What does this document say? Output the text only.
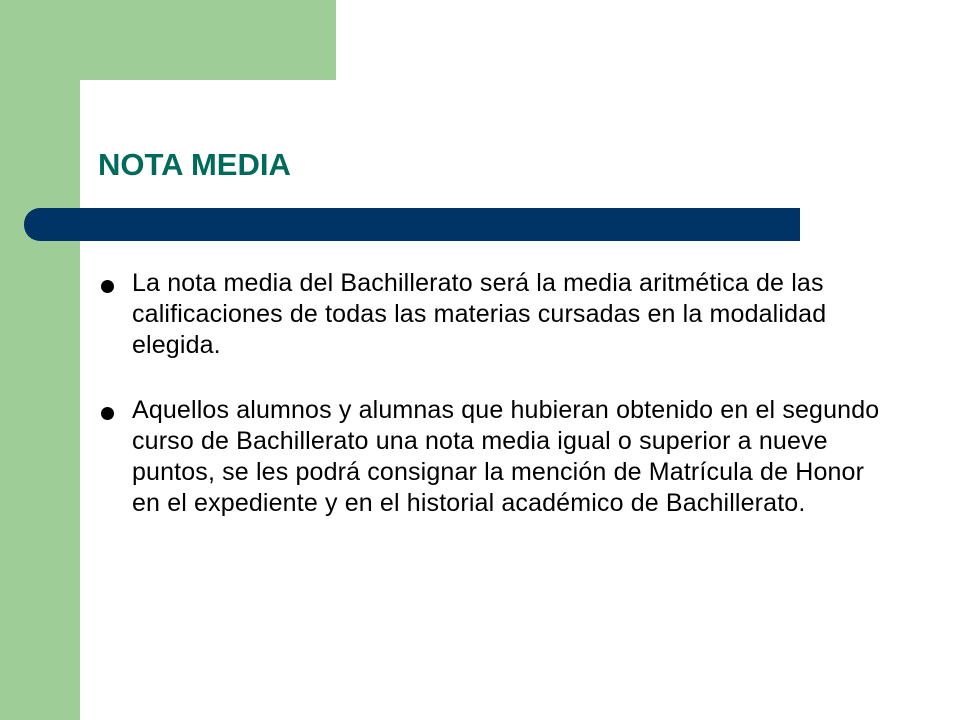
NOTA MEDIA
La nota media del Bachillerato será la media aritmética de las calificaciones de todas las materias cursadas en la modalidad elegida.
Aquellos alumnos y alumnas que hubieran obtenido en el segundo curso de Bachillerato una nota media igual o superior a nueve puntos, se les podrá consignar la mención de Matrícula de Honor en el expediente y en el historial académico de Bachillerato.
